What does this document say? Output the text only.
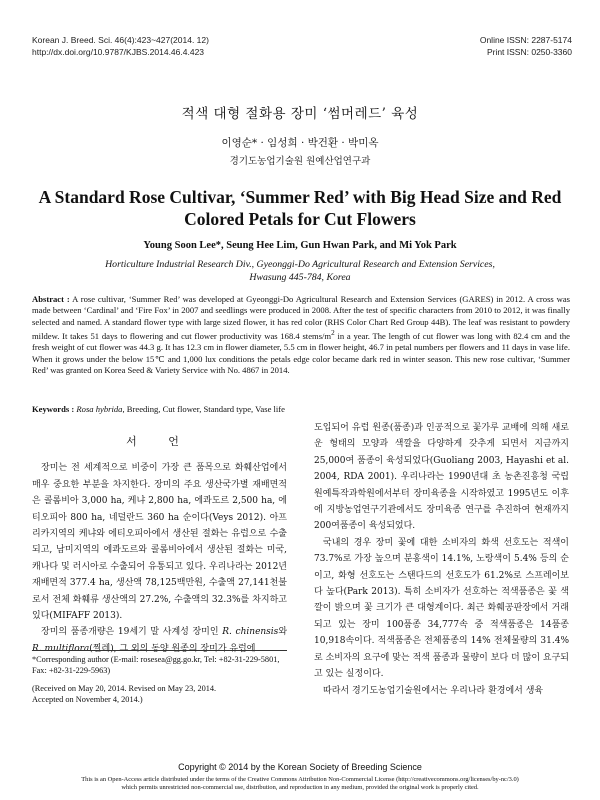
Korean J. Breed. Sci. 46(4):423~427(2014. 12)
http://dx.doi.org/10.9787/KJBS.2014.46.4.423
Online ISSN: 2287-5174
Print ISSN: 0250-3360
적색 대형 절화용 장미 ‘썸머레드’ 육성
이영순* · 임성희 · 박건환 · 박미옥
경기도농업기술원 원예산업연구과
A Standard Rose Cultivar, ‘Summer Red’ with Big Head Size and Red
Colored Petals for Cut Flowers
Young Soon Lee*, Seung Hee Lim, Gun Hwan Park, and Mi Yok Park
Horticulture Industrial Research Div., Gyeonggi-Do Agricultural Research and Extension Services,
Hwasung 445-784, Korea
Abstract : A rose cultivar, ‘Summer Red’ was developed at Gyeonggi-Do Agricultural Research and Extension Services (GARES) in 2012. A cross was made between ‘Cardinal’ and ‘Fire Fox’ in 2007 and seedlings were produced in 2008. After the test of specific characters from 2010 to 2012, it was finally selected and named. A standard flower type with large sized flower, it has red color (RHS Color Chart Red Group 44B). The leaf was resistant to powdery mildew. It takes 51 days to flowering and cut flower productivity was 168.4 stems/$m^2$ in a year. The length of cut flower was long with 82.4 cm and the fresh weight of cut flower was 44.3 g. It has 12.3 cm in flower diameter, 5.5 cm in flower height, 46.7 in petal numbers per flowers and 11 days in vase life. When it grows under the below 15℃ and 1,000 lux conditions the petals edge color became dark red in winter season. This new rose cultivar, ‘Summer Red’ was granted on Korea Seed & Variety Service with No. 4867 in 2014.
Keywords : Rosa hybrida, Breeding, Cut flower, Standard type, Vase life
서 언

장미는 전 세계적으로 비중이 가장 큰 품목으로 화훼산업에서 매우 중요한 부분을 차지한다. 장미의 주요 생산국가별 재배면적은 콜롬비아 3,000 ha, 케냐 2,800 ha, 에콰도르 2,500 ha, 에티오피아 800 ha, 네덜란드 360 ha 순이다(Veys 2012). 아프리카지역의 케냐와 에티오피아에서 생산된 절화는 유럽으로 수출되고, 남미지역의 에콰도르와 콜롬비아에서 생산된 절화는 미국, 캐나다 및 러시아로 수출되어 유통되고 있다. 우리나라는 2012년 재배면적 377.4 ha, 생산액 78,125백만원, 수출액 27,141천불로서 전체 화훼류 생산액의 27.2%, 수출액의 32.3%를 차지하고 있다(MIFAFF 2013).

장미의 품종개량은 19세기 말 사계성 장미인 R. chinensis와 R. multiflora(찔레), 그 외의 동양 원종의 장미가 유럽에

도입되어 유럽 원종(품종)과 인공적으로 꽃가루 교배에 의해 새로운 형태의 모양과 색깔을 다양하게 갖추게 되면서 지금까지 25,000여 품종이 육성되었다(Guoliang 2003, Hayashi et al. 2004, RDA 2001). 우리나라는 1990년대 초 농촌진흥청 국립원예특작과학원에서부터 장미육종을 시작하였고 1995년도 이후에 지방농업연구기관에서도 장미육종 연구를 추진하여 현재까지 200여품종이 육성되었다.

국내의 경우 장미 꽃에 대한 소비자의 화색 선호도는 적색이 73.7%로 가장 높으며 분홍색이 14.1%, 노랑색이 5.4% 등의 순이고, 화형 선호도는 스탠다드의 선호도가 61.2%로 스프레이보다 높다(Park 2013). 특히 소비자가 선호하는 적색품종은 꽃 색깔이 밝으며 꽃 크기가 큰 대형계이다. 최근 화훼공판장에서 거래되고 있는 장미 100품종 34,777속 중 적색품종은 14품종 10,918속이다. 적색품종은 전체품종의 14% 전체물량의 31.4%로 소비자의 요구에 맞는 적색 품종과 물량이 보다 더 많이 요구되고 있는 실정이다.

따라서 경기도농업기술원에서는 우리나라 환경에서 생육

*Corresponding author (E-mail: rosesea@gg.go.kr, Tel: +82-31-229-5801, Fax: +82-31-229-5963)
(Received on May 20, 2014. Revised on May 23, 2014.
Accepted on November 4, 2014.)
Copyright © 2014 by the Korean Society of Breeding Science
This is an Open-Access article distributed under the terms of the Creative Commons Attribution Non-Commercial License (http://creativecommons.org/licenses/by-nc/3.0)
which permits unrestricted non-commercial use, distribution, and reproduction in any medium, provided the original work is properly cited.
